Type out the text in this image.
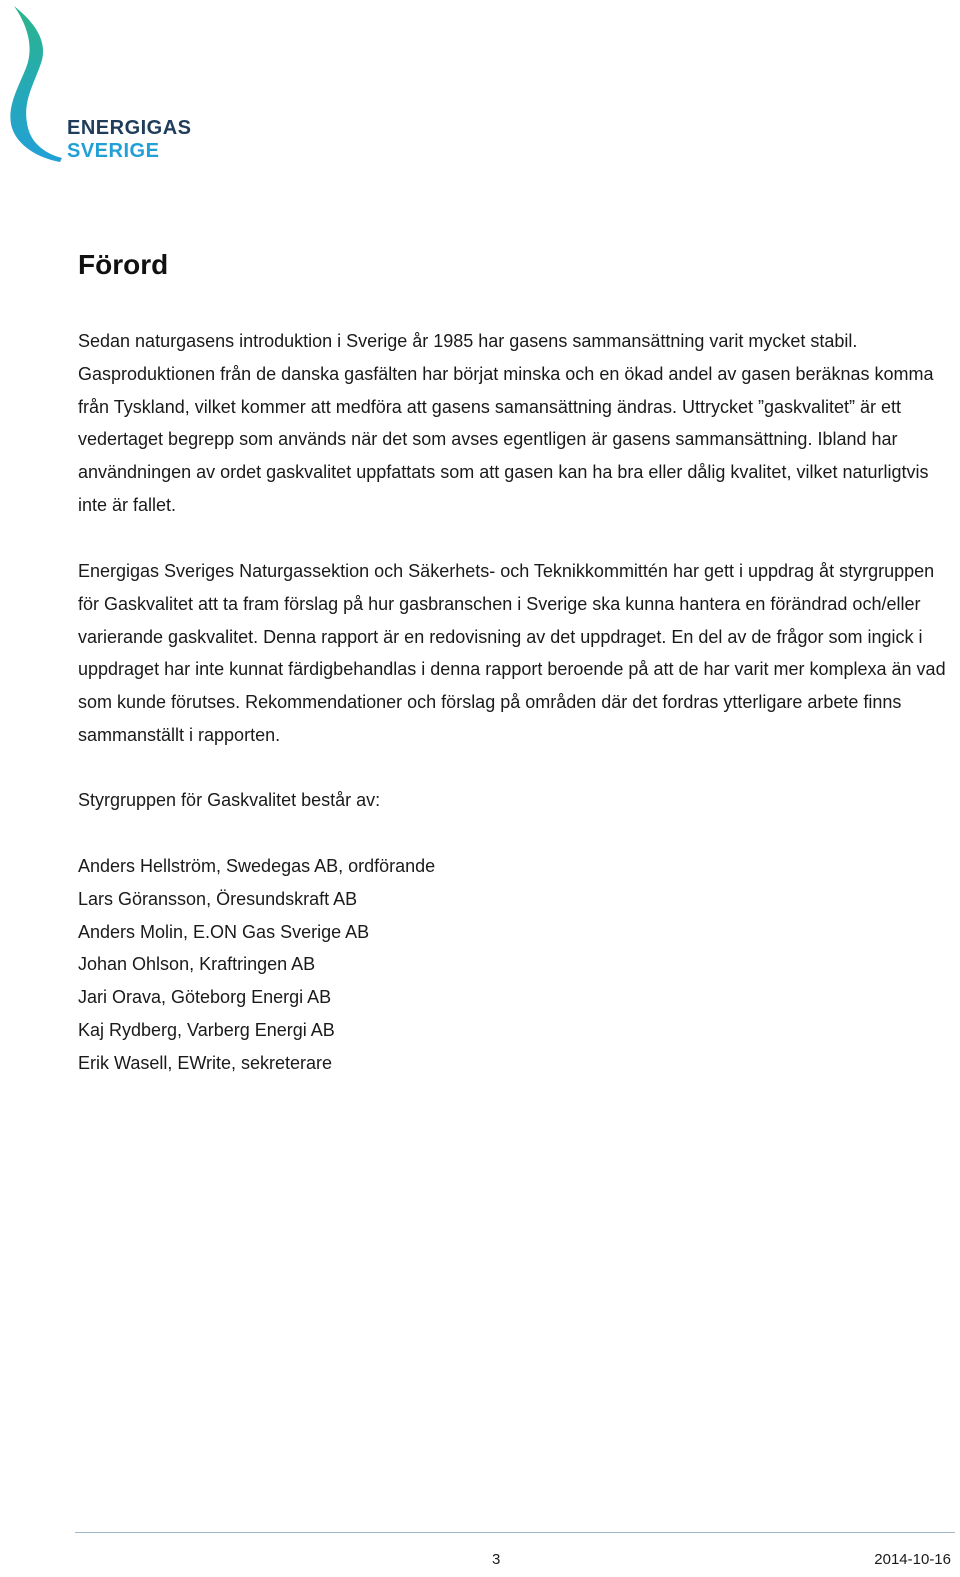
ENERGIGAS
SVERIGE
Förord

Sedan naturgasens introduktion i Sverige år 1985 har gasens sammansättning varit mycket stabil. Gasproduktionen från de danska gasfälten har börjat minska och en ökad andel av gasen beräknas komma från Tyskland, vilket kommer att medföra att gasens samansättning ändras. Uttrycket ”gaskvalitet” är ett vedertaget begrepp som används när det som avses egentligen är gasens sammansättning. Ibland har användningen av ordet gaskvalitet uppfattats som att gasen kan ha bra eller dålig kvalitet, vilket naturligtvis inte är fallet.

Energigas Sveriges Naturgassektion och Säkerhets- och Teknikkommittén har gett i uppdrag åt styrgruppen för Gaskvalitet att ta fram förslag på hur gasbranschen i Sverige ska kunna hantera en förändrad och/eller varierande gaskvalitet. Denna rapport är en redovisning av det uppdraget. En del av de frågor som ingick i uppdraget har inte kunnat färdigbehandlas i denna rapport beroende på att de har varit mer komplexa än vad som kunde förutses. Rekommendationer och förslag på områden där det fordras ytterligare arbete finns sammanställt i rapporten.

Styrgruppen för Gaskvalitet består av:

Anders Hellström, Swedegas AB, ordförande
Lars Göransson, Öresundskraft AB
Anders Molin, E.ON Gas Sverige AB
Johan Ohlson, Kraftringen AB
Jari Orava, Göteborg Energi AB
Kaj Rydberg, Varberg Energi AB
Erik Wasell, EWrite, sekreterare
3	2014-10-16
